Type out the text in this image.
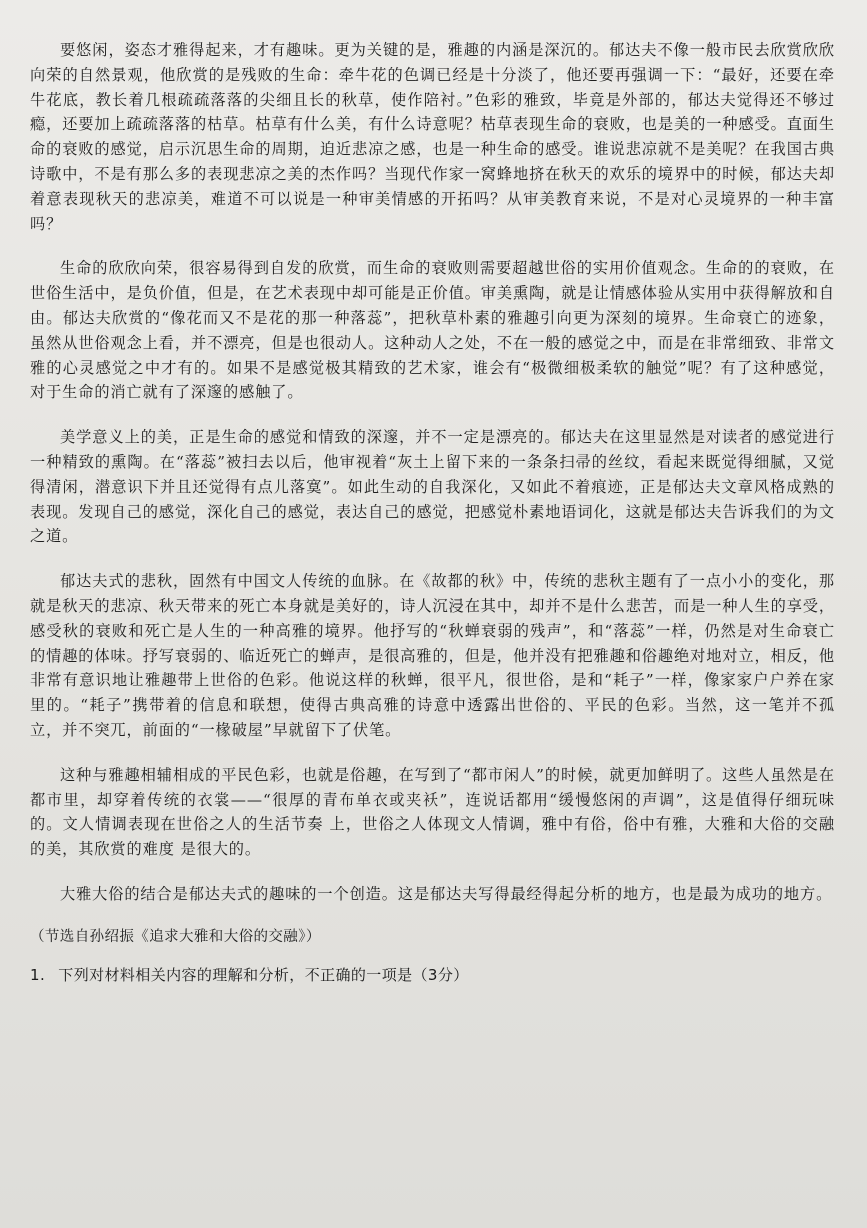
要悠闲，姿态才雅得起来，才有趣味。更为关键的是，雅趣的内涵是深沉的。郁达夫不像一般市民去欣赏欣欣向荣的自然景观，他欣赏的是残败的生命：牵牛花的色调已经是十分淡了，他还要再强调一下：“最好，还要在牵牛花底，教长着几根疏疏落落的尖细且长的秋草，使作陪衬。”色彩的雅致，毕竟是外部的，郁达夫觉得还不够过瘾，还要加上疏疏落落的枯草。枯草有什么美，有什么诗意呢？枯草表现生命的衰败，也是美的一种感受。直面生命的衰败的感觉，启示沉思生命的周期，迫近悲凉之感，也是一种生命的感受。谁说悲凉就不是美呢？在我国古典诗歌中，不是有那么多的表现悲凉之美的杰作吗？当现代作家一窝蜂地挤在秋天的欢乐的境界中的时候，郁达夫却着意表现秋天的悲凉美，难道不可以说是一种审美情感的开拓吗？从审美教育来说，不是对心灵境界的一种丰富吗？

生命的欣欣向荣，很容易得到自发的欣赏，而生命的衰败则需要超越世俗的实用价值观念。生命的的衰败，在世俗生活中，是负价值，但是，在艺术表现中却可能是正价值。审美熏陶，就是让情感体验从实用中获得解放和自由。郁达夫欣赏的“像花而又不是花的那一种落蕊”，把秋草朴素的雅趣引向更为深刻的境界。生命衰亡的迹象，虽然从世俗观念上看，并不漂亮，但是也很动人。这种动人之处，不在一般的感觉之中，而是在非常细致、非常文雅的心灵感觉之中才有的。如果不是感觉极其精致的艺术家，谁会有“极微细极柔软的触觉”呢？有了这种感觉，对于生命的消亡就有了深邃的感触了。

美学意义上的美，正是生命的感觉和情致的深邃，并不一定是漂亮的。郁达夫在这里显然是对读者的感觉进行一种精致的熏陶。在“落蕊”被扫去以后，他审视着“灰土上留下来的一条条扫帚的丝纹，看起来既觉得细腻，又觉得清闲，潜意识下并且还觉得有点儿落寞”。如此生动的自我深化，又如此不着痕迹，正是郁达夫文章风格成熟的表现。发现自己的感觉，深化自己的感觉，表达自己的感觉，把感觉朴素地语词化，这就是郁达夫告诉我们的为文之道。

郁达夫式的悲秋，固然有中国文人传统的血脉。在《故都的秋》中，传统的悲秋主题有了一点小小的变化，那就是秋天的悲凉、秋天带来的死亡本身就是美好的，诗人沉浸在其中，却并不是什么悲苦，而是一种人生的享受，感受秋的衰败和死亡是人生的一种高雅的境界。他抒写的“秋蝉衰弱的残声”，和“落蕊”一样，仍然是对生命衰亡的情趣的体味。抒写衰弱的、临近死亡的蝉声，是很高雅的，但是，他并没有把雅趣和俗趣绝对地对立，相反，他非常有意识地让雅趣带上世俗的色彩。他说这样的秋蝉，很平凡，很世俗，是和“耗子”一样，像家家户户养在家里的。“耗子”携带着的信息和联想，使得古典高雅的诗意中透露出世俗的、平民的色彩。当然，这一笔并不孤立，并不突兀，前面的“一椽破屋”早就留下了伏笔。

这种与雅趣相辅相成的平民色彩，也就是俗趣，在写到了“都市闲人”的时候，就更加鲜明了。这些人虽然是在都市里，却穿着传统的衣裳——“很厚的青布单衣或夹袄”，连说话都用“缓慢悠闲的声调”，这是值得仔细玩味的。文人情调表现在世俗之人的生活节奏 上，世俗之人体现文人情调，雅中有俗，俗中有雅，大雅和大俗的交融的美，其欣赏的难度 是很大的。

大雅大俗的结合是郁达夫式的趣味的一个创造。这是郁达夫写得最经得起分析的地方，也是最为成功的地方。

（节选自孙绍振《追求大雅和大俗的交融》）
1. 下列对材料相关内容的理解和分析，不正确的一项是（3分）
